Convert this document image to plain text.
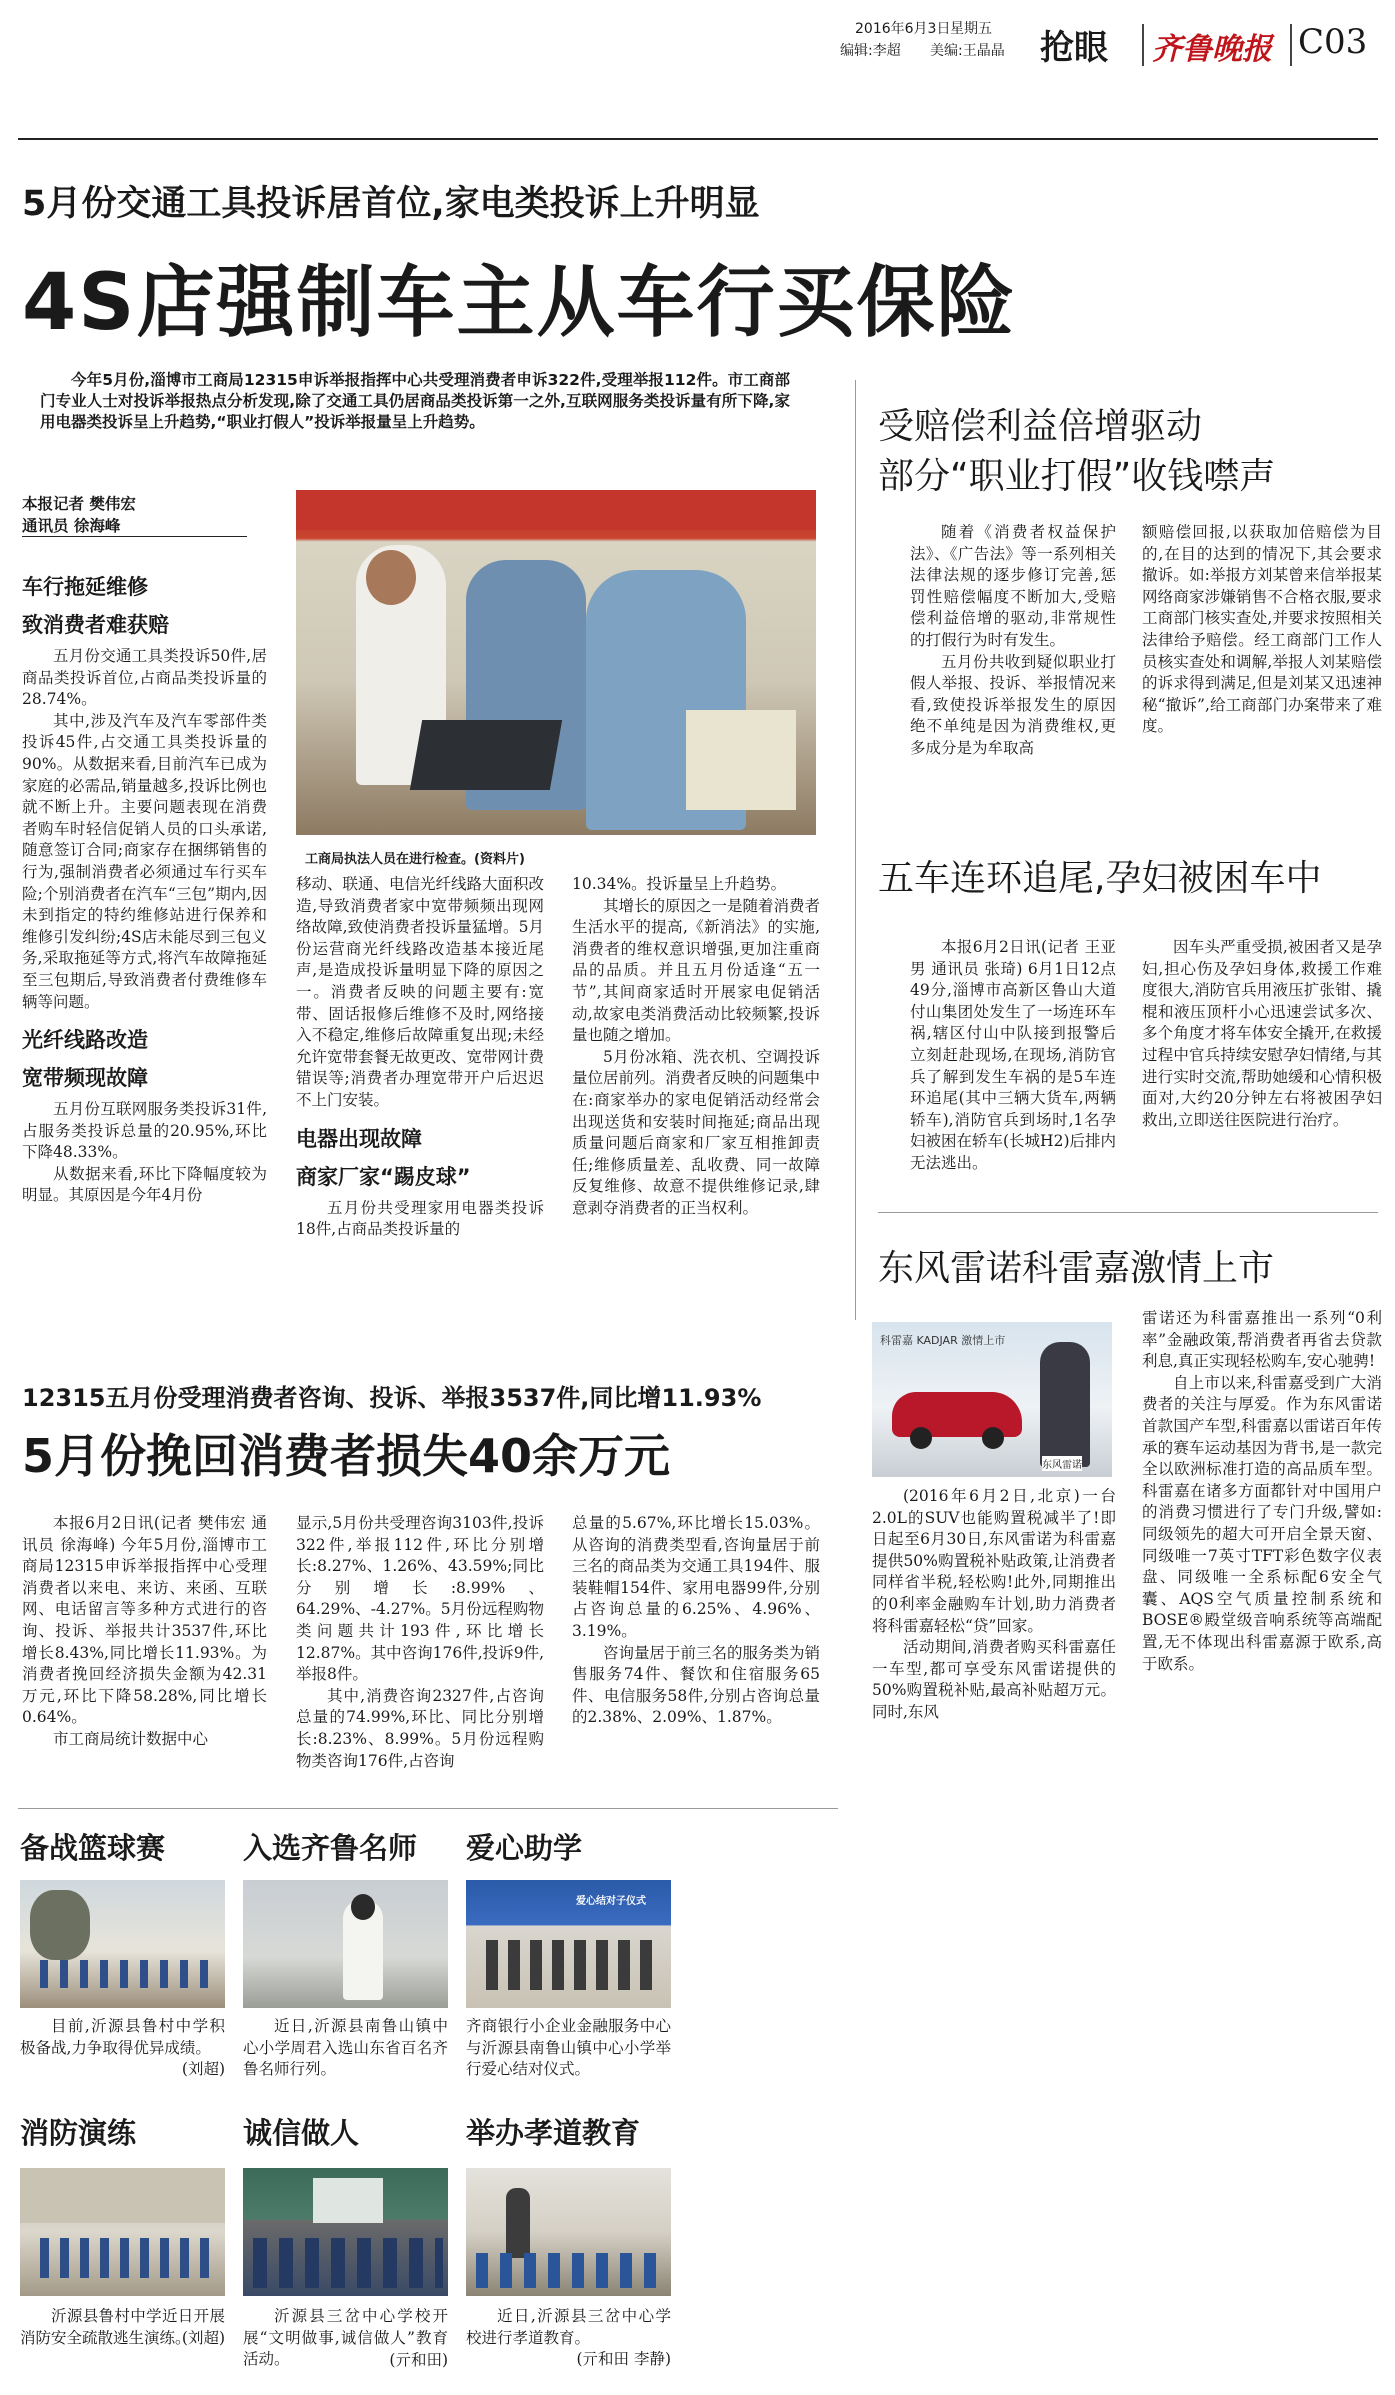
2016年6月3日 星期五
编辑:李超 美编:王晶晶 抢眼 齐鲁晚报 C03
5月份交通工具投诉居首位,家电类投诉上升明显
4S店强制车主从车行买保险

今年5月份,淄博市工商局12315申诉举报指挥中心共受理消费者申诉322件,受理举报112件。市工商部门专业人士对投诉举报热点分析发现,除了交通工具仍居商品类投诉第一之外,互联网服务类投诉量有所下降,家用电器类投诉呈上升趋势,“职业打假人”投诉举报量呈上升趋势。

本报记者 樊伟宏
通讯员 徐海峰
车行拖延维修
致消费者难获赔

五月份交通工具类投诉50件,居商品类投诉首位,占商品类投诉量的28.74%。

其中,涉及汽车及汽车零部件类投诉45件,占交通工具类投诉量的90%。从数据来看,目前汽车已成为家庭的必需品,销量越多,投诉比例也就不断上升。主要问题表现在消费者购车时轻信促销人员的口头承诺,随意签订合同;商家存在捆绑销售的行为,强制消费者必须通过车行买车险;个别消费者在汽车“三包”期内,因未到指定的特约维修站进行保养和维修引发纠纷;4S店未能尽到三包义务,采取拖延等方式,将汽车故障拖延至三包期后,导致消费者付费维修车辆等问题。

光纤线路改造
宽带频现故障

五月份互联网服务类投诉31件,占服务类投诉总量的20.95%,环比下降48.33%。

从数据来看,环比下降幅度较为明显。其原因是今年4月份

工商局执法人员在进行检查。(资料片)

移动、联通、电信光纤线路大面积改造,导致消费者家中宽带频频出现网络故障,致使消费者投诉量猛增。5月份运营商光纤线路改造基本接近尾声,是造成投诉量明显下降的原因之一。消费者反映的问题主要有:宽带、固话报修后维修不及时,网络接入不稳定,维修后故障重复出现;未经允许宽带套餐无故更改、宽带网计费错误等;消费者办理宽带开户后迟迟不上门安装。

电器出现故障
商家厂家“踢皮球”

五月份共受理家用电器类投诉18件,占商品类投诉量的

10.34%。投诉量呈上升趋势。

其增长的原因之一是随着消费者生活水平的提高,《新消法》的实施,消费者的维权意识增强,更加注重商品的品质。并且五月份适逢“五一节”,其间商家适时开展家电促销活动,故家电类消费活动比较频繁,投诉量也随之增加。

5月份冰箱、洗衣机、空调投诉量位居前列。消费者反映的问题集中在:商家举办的家电促销活动经常会出现送货和安装时间拖延;商品出现质量问题后商家和厂家互相推卸责任;维修质量差、乱收费、同一故障反复维修、故意不提供维修记录,肆意剥夺消费者的正当权利。

受赔偿利益倍增驱动
部分“职业打假”收钱噤声

随着《消费者权益保护法》、《广告法》等一系列相关法律法规的逐步修订完善,惩罚性赔偿幅度不断加大,受赔偿利益倍增的驱动,非常规性的打假行为时有发生。

五月份共收到疑似职业打假人举报、投诉、举报情况来看,致使投诉举报发生的原因绝不单纯是因为消费维权,更多成分是为牟取高

额赔偿回报,以获取加倍赔偿为目的,在目的达到的情况下,其会要求撤诉。如:举报方刘某曾来信举报某网络商家涉嫌销售不合格衣服,要求工商部门核实查处,并要求按照相关法律给予赔偿。经工商部门工作人员核实查处和调解,举报人刘某赔偿的诉求得到满足,但是刘某又迅速神秘“撤诉”,给工商部门办案带来了难度。

五车连环追尾,孕妇被困车中

本报6月2日讯(记者 王亚男 通讯员 张琦) 6月1日12点49分,淄博市高新区鲁山大道付山集团处发生了一场连环车祸,辖区付山中队接到报警后立刻赶赴现场,在现场,消防官兵了解到发生车祸的是5车连环追尾(其中三辆大货车,两辆轿车),消防官兵到场时,1名孕妇被困在轿车(长城H2)后排内无法逃出。

因车头严重受损,被困者又是孕妇,担心伤及孕妇身体,救援工作难度很大,消防官兵用液压扩张钳、撬棍和液压顶杆小心迅速尝试多次、多个角度才将车体安全撬开,在救援过程中官兵持续安慰孕妇情绪,与其进行实时交流,帮助她缓和心情积极面对,大约20分钟左右将被困孕妇救出,立即送往医院进行治疗。

东风雷诺科雷嘉激情上市
科雷嘉 KADJAR 激情上市
东风雷诺

(2016年6月2日,北京)一台2.0L的SUV也能购置税减半了!即日起至6月30日,东风雷诺为科雷嘉提供50%购置税补贴政策,让消费者同样省半税,轻松购!此外,同期推出的0利率金融购车计划,助力消费者将科雷嘉轻松“贷”回家。

活动期间,消费者购买科雷嘉任一车型,都可享受东风雷诺提供的50%购置税补贴,最高补贴超万元。同时,东风

雷诺还为科雷嘉推出一系列“0利率”金融政策,帮消费者再省去贷款利息,真正实现轻松购车,安心驰骋!

自上市以来,科雷嘉受到广大消费者的关注与厚爱。作为东风雷诺首款国产车型,科雷嘉以雷诺百年传承的赛车运动基因为背书,是一款完全以欧洲标准打造的高品质车型。科雷嘉在诸多方面都针对中国用户的消费习惯进行了专门升级,譬如:同级领先的超大可开启全景天窗、同级唯一7英寸TFT彩色数字仪表盘、同级唯一全系标配6安全气囊、AQS空气质量控制系统和BOSE®殿堂级音响系统等高端配置,无不体现出科雷嘉源于欧系,高于欧系。

12315五月份受理消费者咨询、投诉、举报3537件,同比增11.93%
5月份挽回消费者损失40余万元

本报6月2日讯(记者 樊伟宏 通讯员 徐海峰) 今年5月份,淄博市工商局12315申诉举报指挥中心受理消费者以来电、来访、来函、互联网、电话留言等多种方式进行的咨询、投诉、举报共计3537件,环比增长8.43%,同比增长11.93%。为消费者挽回经济损失金额为42.31万元,环比下降58.28%,同比增长0.64%。

市工商局统计数据中心

显示,5月份共受理咨询3103件,投诉322件,举报112件,环比分别增长:8.27%、1.26%、43.59%;同比分别增长:8.99%、64.29%、-4.27%。5月份远程购物类问题共计193件,环比增长12.87%。其中咨询176件,投诉9件,举报8件。

其中,消费咨询2327件,占咨询总量的74.99%,环比、同比分别增长:8.23%、8.99%。5月份远程购物类咨询176件,占咨询

总量的5.67%,环比增长15.03%。从咨询的消费类型看,咨询量居于前三名的商品类为交通工具194件、服装鞋帽154件、家用电器99件,分别占咨询总量的6.25%、4.96%、3.19%。

咨询量居于前三名的服务类为销售服务74件、餐饮和住宿服务65件、电信服务58件,分别占咨询总量的2.38%、2.09%、1.87%。

备战篮球赛

目前,沂源县鲁村中学积极备战,力争取得优异成绩。

(刘超)
入选齐鲁名师

近日,沂源县南鲁山镇中心小学周君入选山东省百名齐鲁名师行列。

爱心助学
爱心结对子仪式

齐商银行小企业金融服务中心与沂源县南鲁山镇中心小学举行爱心结对仪式。

消防演练

沂源县鲁村中学近日开展消防安全疏散逃生演练。

(刘超)
诚信做人

沂源县三岔中心学校开展“文明做事,诚信做人”教育活动。	(亓和田)
举办孝道教育

近日,沂源县三岔中心学校进行孝道教育。

(亓和田 李静)
